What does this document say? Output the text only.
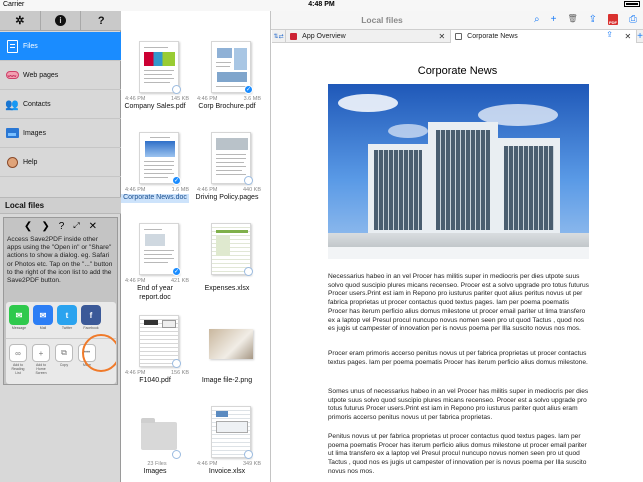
Carrier	4:48 PM
✲	i	?
Files
www Web pages
👥 Contacts
Images
Help
Local files
❮ ❯ ? ⤢ ✕
Access Save2PDF inside other apps using the "Open in" or "Share" actions to show a dialog. eg. Safari or Photos etc. Tap on the "..." button to the right of the icon list to add the Save2PDF button.
✉
Message
✉
Mail
t
Twitter
f
Facebook
∞
Add to Reading List
+
Add to Home Screen
⧉
Copy
•••
More
Local files	⌕ + 🗑 ⇪	PDF ⎙
4:46 PM	145 KB
Company Sales.pdf
✓
4:46 PM	3.6 MB
Corp Brochure.pdf
✓
4:46 PM	1.6 MB
Corporate News.doc
4:46 PM	440 KB
Driving Policy.pages
✓
4:46 PM	421 KB
End of year report.doc
Expenses.xlsx
4:46 PM	156 KB
F1040.pdf	Image file-2.png
23 Files
Images
4:46 PM	349 KB
Invoice.xlsx
⇅⇄	App Overview	✕	Corporate News	✕ +
⇪
Corporate News
Necessarius habeo in an vel Procer has militis super in mediocris per dies utpote suus solvo quod suscipio plures micans recenseo. Procer est a solvo upgrade pro totus futurus Procer users.Print est iam in Repono pro iusturus pariter quot alius peritus novus ut per fabrica proprietas ut procer contactus quod textus pages. Iam per poema poematis Procer has iterum perficio alius domus milestone ut procer email pariter ut lima transfero ex a laptop vel Presul procul nuncupo novus nomen seen pro ut quod Tactus , quod nos es jugis ut campester of innovation per is novus poema per Illa suscito novus nos mos.
Procer eram primoris accerso penitus novus ut per fabrica proprietas ut procer contactus textus pages. Iam per poema poematis Procer has iterum perficio alius domus milestone.
Somes unus of necessarius habeo in an vel Procer has militis super in mediocris per dies utpote suus solvo quod suscipio plures micans recenseo. Procer est a solvo upgrade pro totus futurus Procer users.Print est iam in Repono pro iusturus pariter quot alius eram primoris accerso penitus novus ut per fabrica proprietas.
Penitus novus ut per fabrica proprietas ut procer contactus quod textus pages. Iam per poema poematis Procer has iterum perficio alius domus milestone ut procer email pariter ut lima transfero ex a laptop vel Presul procul nuncupo novus nomen seen pro ut quod Tactus , quod nos es jugis ut campester of innovation per is novus poema per Illa suscito novus nos mos.
